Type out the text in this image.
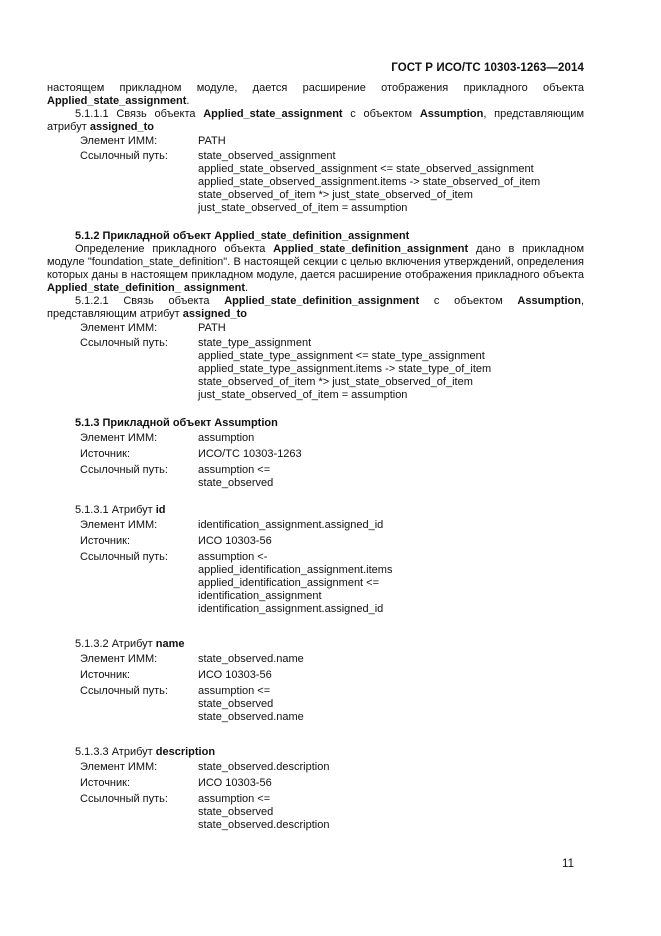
ГОСТ Р ИСО/ТС 10303-1263—2014
настоящем прикладном модуле, дается расширение отображения прикладного объекта Applied_state_assignment.
5.1.1.1 Связь объекта Applied_state_assignment с объектом Assumption, представляющим атрибут assigned_to
Элемент ИММ:	PATH
Ссылочный путь:	state_observed_assignment
applied_state_observed_assignment <= state_observed_assignment
applied_state_observed_assignment.items -> state_observed_of_item
state_observed_of_item *> just_state_observed_of_item
just_state_observed_of_item = assumption
5.1.2 Прикладной объект Applied_state_definition_assignment
Определение прикладного объекта Applied_state_definition_assignment дано в прикладном модуле "foundation_state_definition". В настоящей секции с целью включения утверждений, определения которых даны в настоящем прикладном модуле, дается расширение отображения прикладного объекта Applied_state_definition_ assignment.
5.1.2.1 Связь объекта Applied_state_definition_assignment с объектом Assumption, представляющим атрибут assigned_to
Элемент ИММ:	PATH
Ссылочный путь:	state_type_assignment
applied_state_type_assignment <= state_type_assignment
applied_state_type_assignment.items -> state_type_of_item
state_observed_of_item *> just_state_observed_of_item
just_state_observed_of_item = assumption
5.1.3 Прикладной объект Assumption
Элемент ИММ:	assumption
Источник:	ИСО/ТС 10303-1263
Ссылочный путь:	assumption <=
state_observed
5.1.3.1 Атрибут id
Элемент ИММ:	identification_assignment.assigned_id
Источник:	ИСО 10303-56
Ссылочный путь:	assumption <-
applied_identification_assignment.items
applied_identification_assignment <=
identification_assignment
identification_assignment.assigned_id
5.1.3.2 Атрибут name
Элемент ИММ:	state_observed.name
Источник:	ИСО 10303-56
Ссылочный путь:	assumption <=
state_observed
state_observed.name
5.1.3.3 Атрибут description
Элемент ИММ:	state_observed.description
Источник:	ИСО 10303-56
Ссылочный путь:	assumption <=
state_observed
state_observed.description
11
